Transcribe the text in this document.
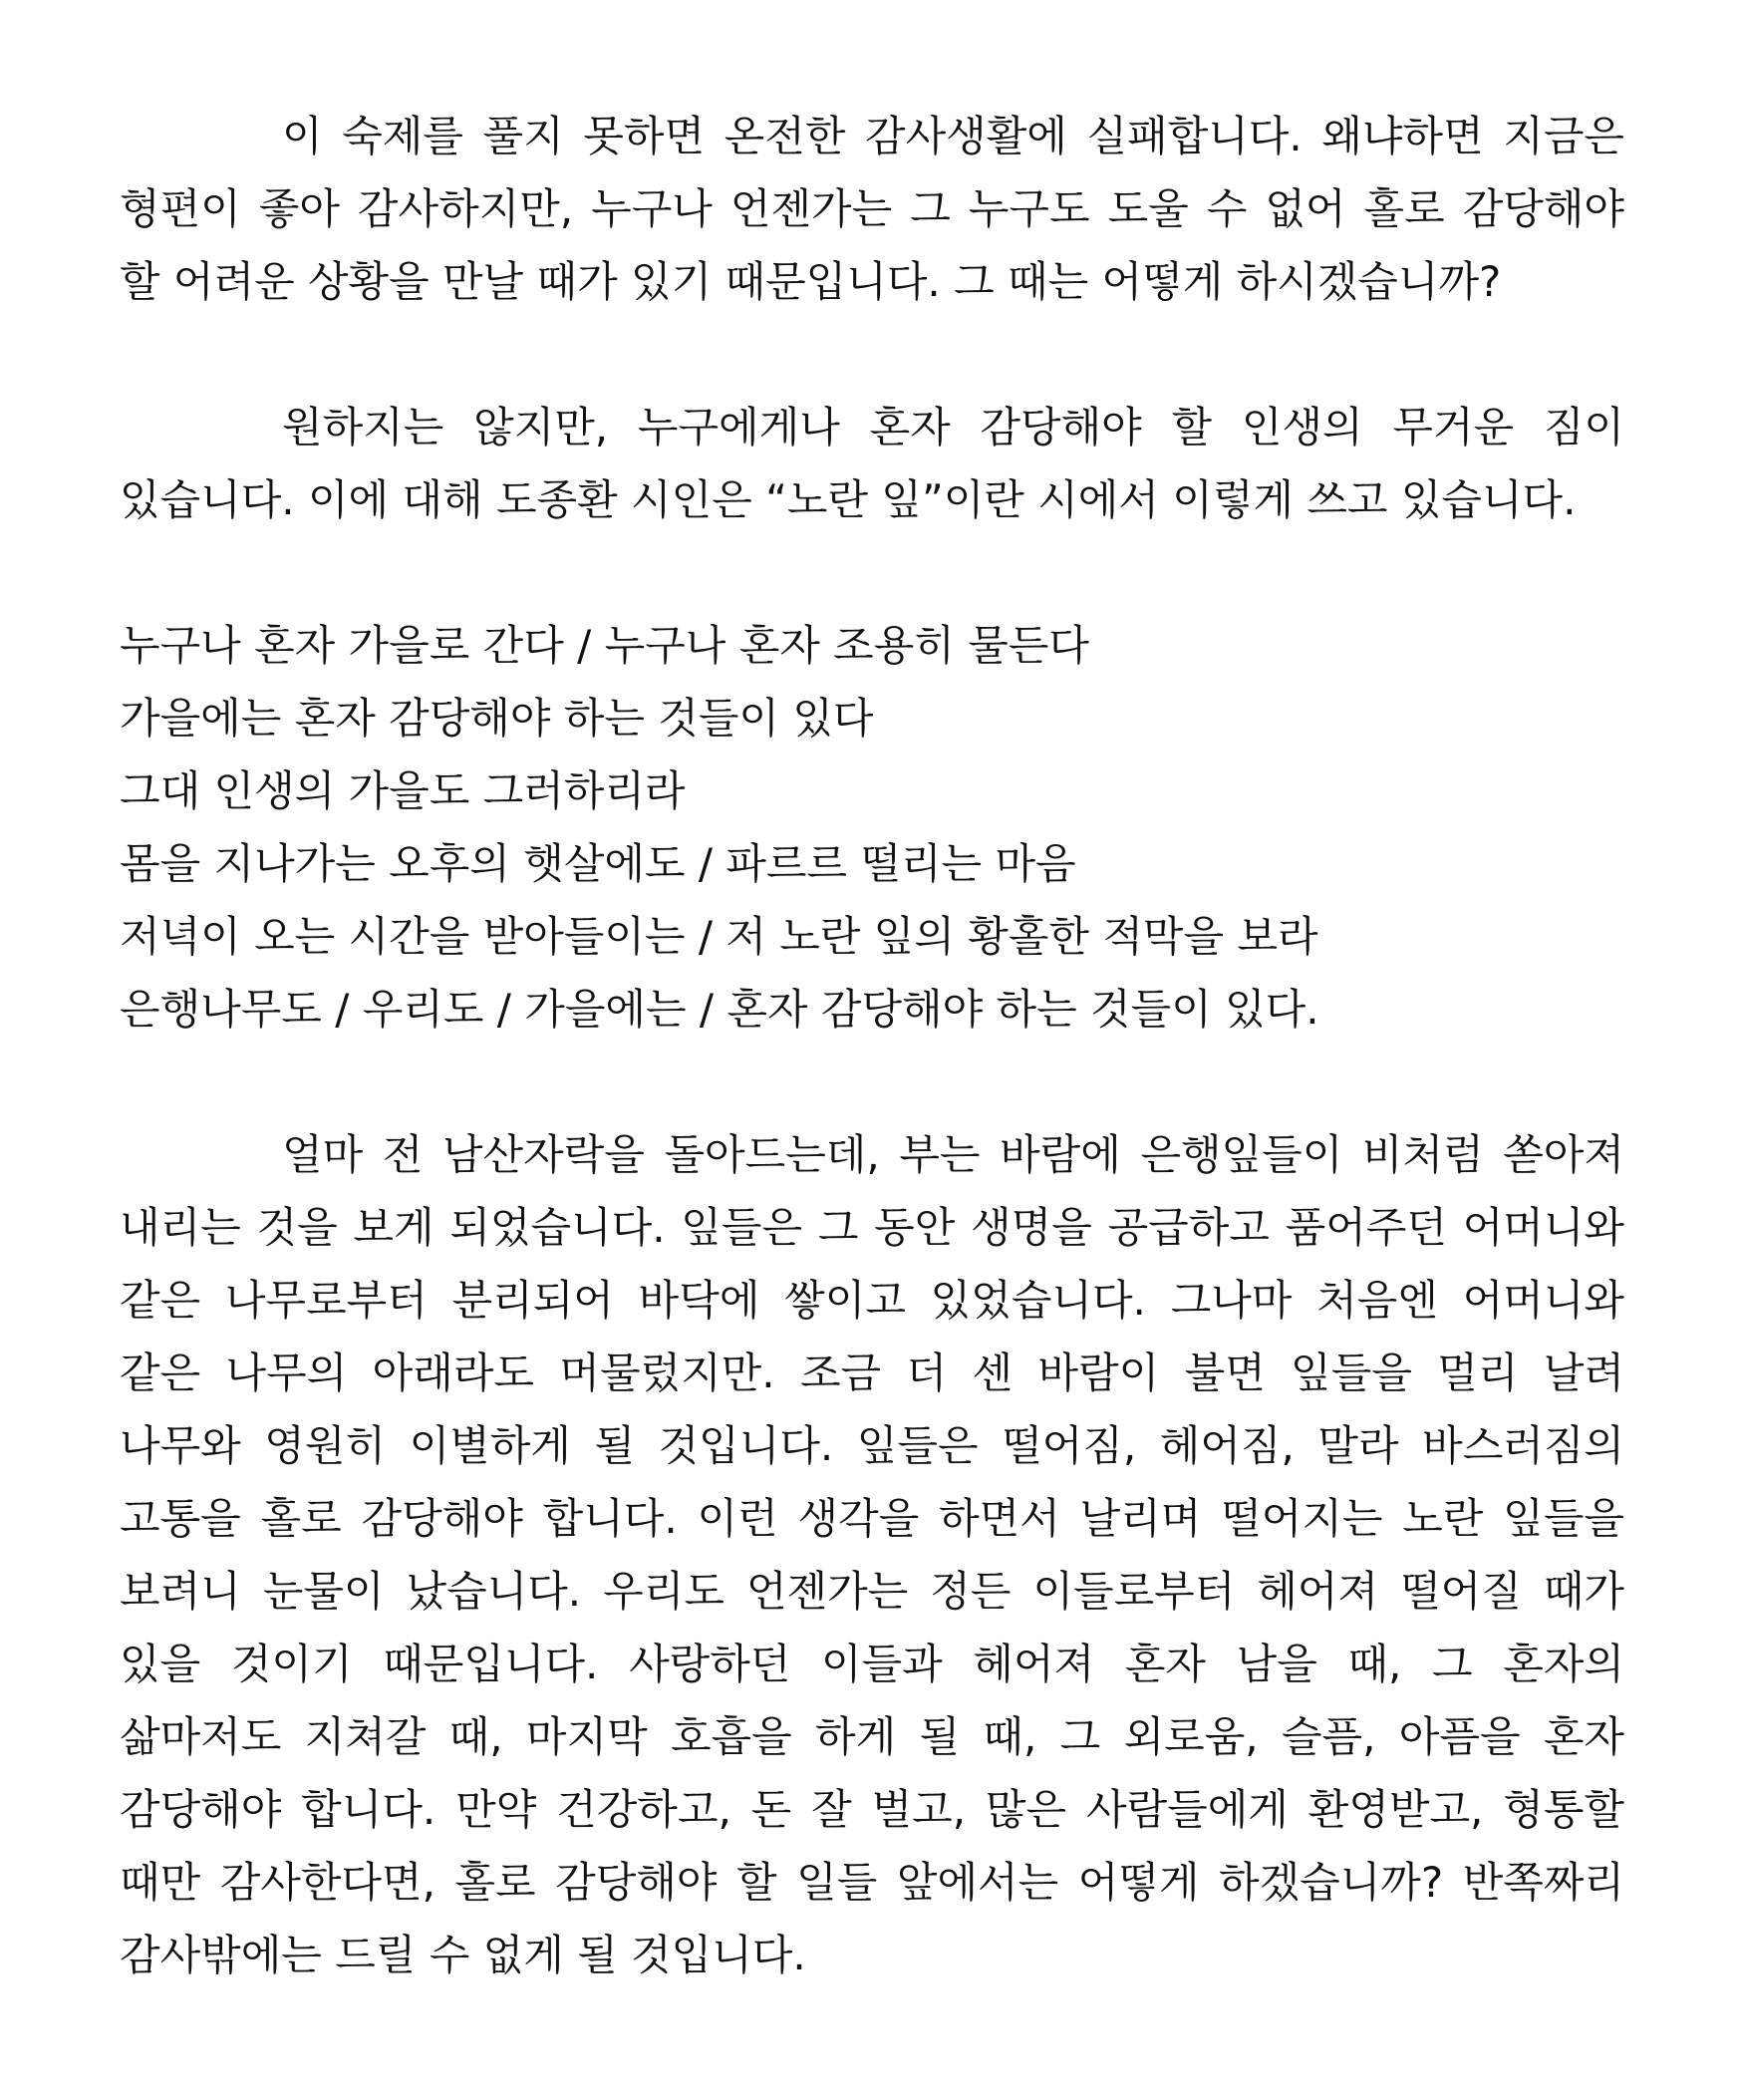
이 숙제를 풀지 못하면 온전한 감사생활에 실패합니다. 왜냐하면 지금은 형편이 좋아 감사하지만, 누구나 언젠가는 그 누구도 도울 수 없어 홀로 감당해야 할 어려운 상황을 만날 때가 있기 때문입니다. 그 때는 어떻게 하시겠습니까?

원하지는 않지만, 누구에게나 혼자 감당해야 할 인생의 무거운 짐이 있습니다. 이에 대해 도종환 시인은 “노란 잎”이란 시에서 이렇게 쓰고 있습니다.

누구나 혼자 가을로 간다 / 누구나 혼자 조용히 물든다
가을에는 혼자 감당해야 하는 것들이 있다
그대 인생의 가을도 그러하리라
몸을 지나가는 오후의 햇살에도 / 파르르 떨리는 마음
저녁이 오는 시간을 받아들이는 / 저 노란 잎의 황홀한 적막을 보라
은행나무도 / 우리도 / 가을에는 / 혼자 감당해야 하는 것들이 있다.

얼마 전 남산자락을 돌아드는데, 부는 바람에 은행잎들이 비처럼 쏟아져 내리는 것을 보게 되었습니다. 잎들은 그 동안 생명을 공급하고 품어주던 어머니와 같은 나무로부터 분리되어 바닥에 쌓이고 있었습니다. 그나마 처음엔 어머니와 같은 나무의 아래라도 머물렀지만. 조금 더 센 바람이 불면 잎들을 멀리 날려 나무와 영원히 이별하게 될 것입니다. 잎들은 떨어짐, 헤어짐, 말라 바스러짐의 고통을 홀로 감당해야 합니다. 이런 생각을 하면서 날리며 떨어지는 노란 잎들을 보려니 눈물이 났습니다. 우리도 언젠가는 정든 이들로부터 헤어져 떨어질 때가 있을 것이기 때문입니다. 사랑하던 이들과 헤어져 혼자 남을 때, 그 혼자의 삶마저도 지쳐갈 때, 마지막 호흡을 하게 될 때, 그 외로움, 슬픔, 아픔을 혼자 감당해야 합니다. 만약 건강하고, 돈 잘 벌고, 많은 사람들에게 환영받고, 형통할 때만 감사한다면, 홀로 감당해야 할 일들 앞에서는 어떻게 하겠습니까? 반쪽짜리 감사밖에는 드릴 수 없게 될 것입니다.
